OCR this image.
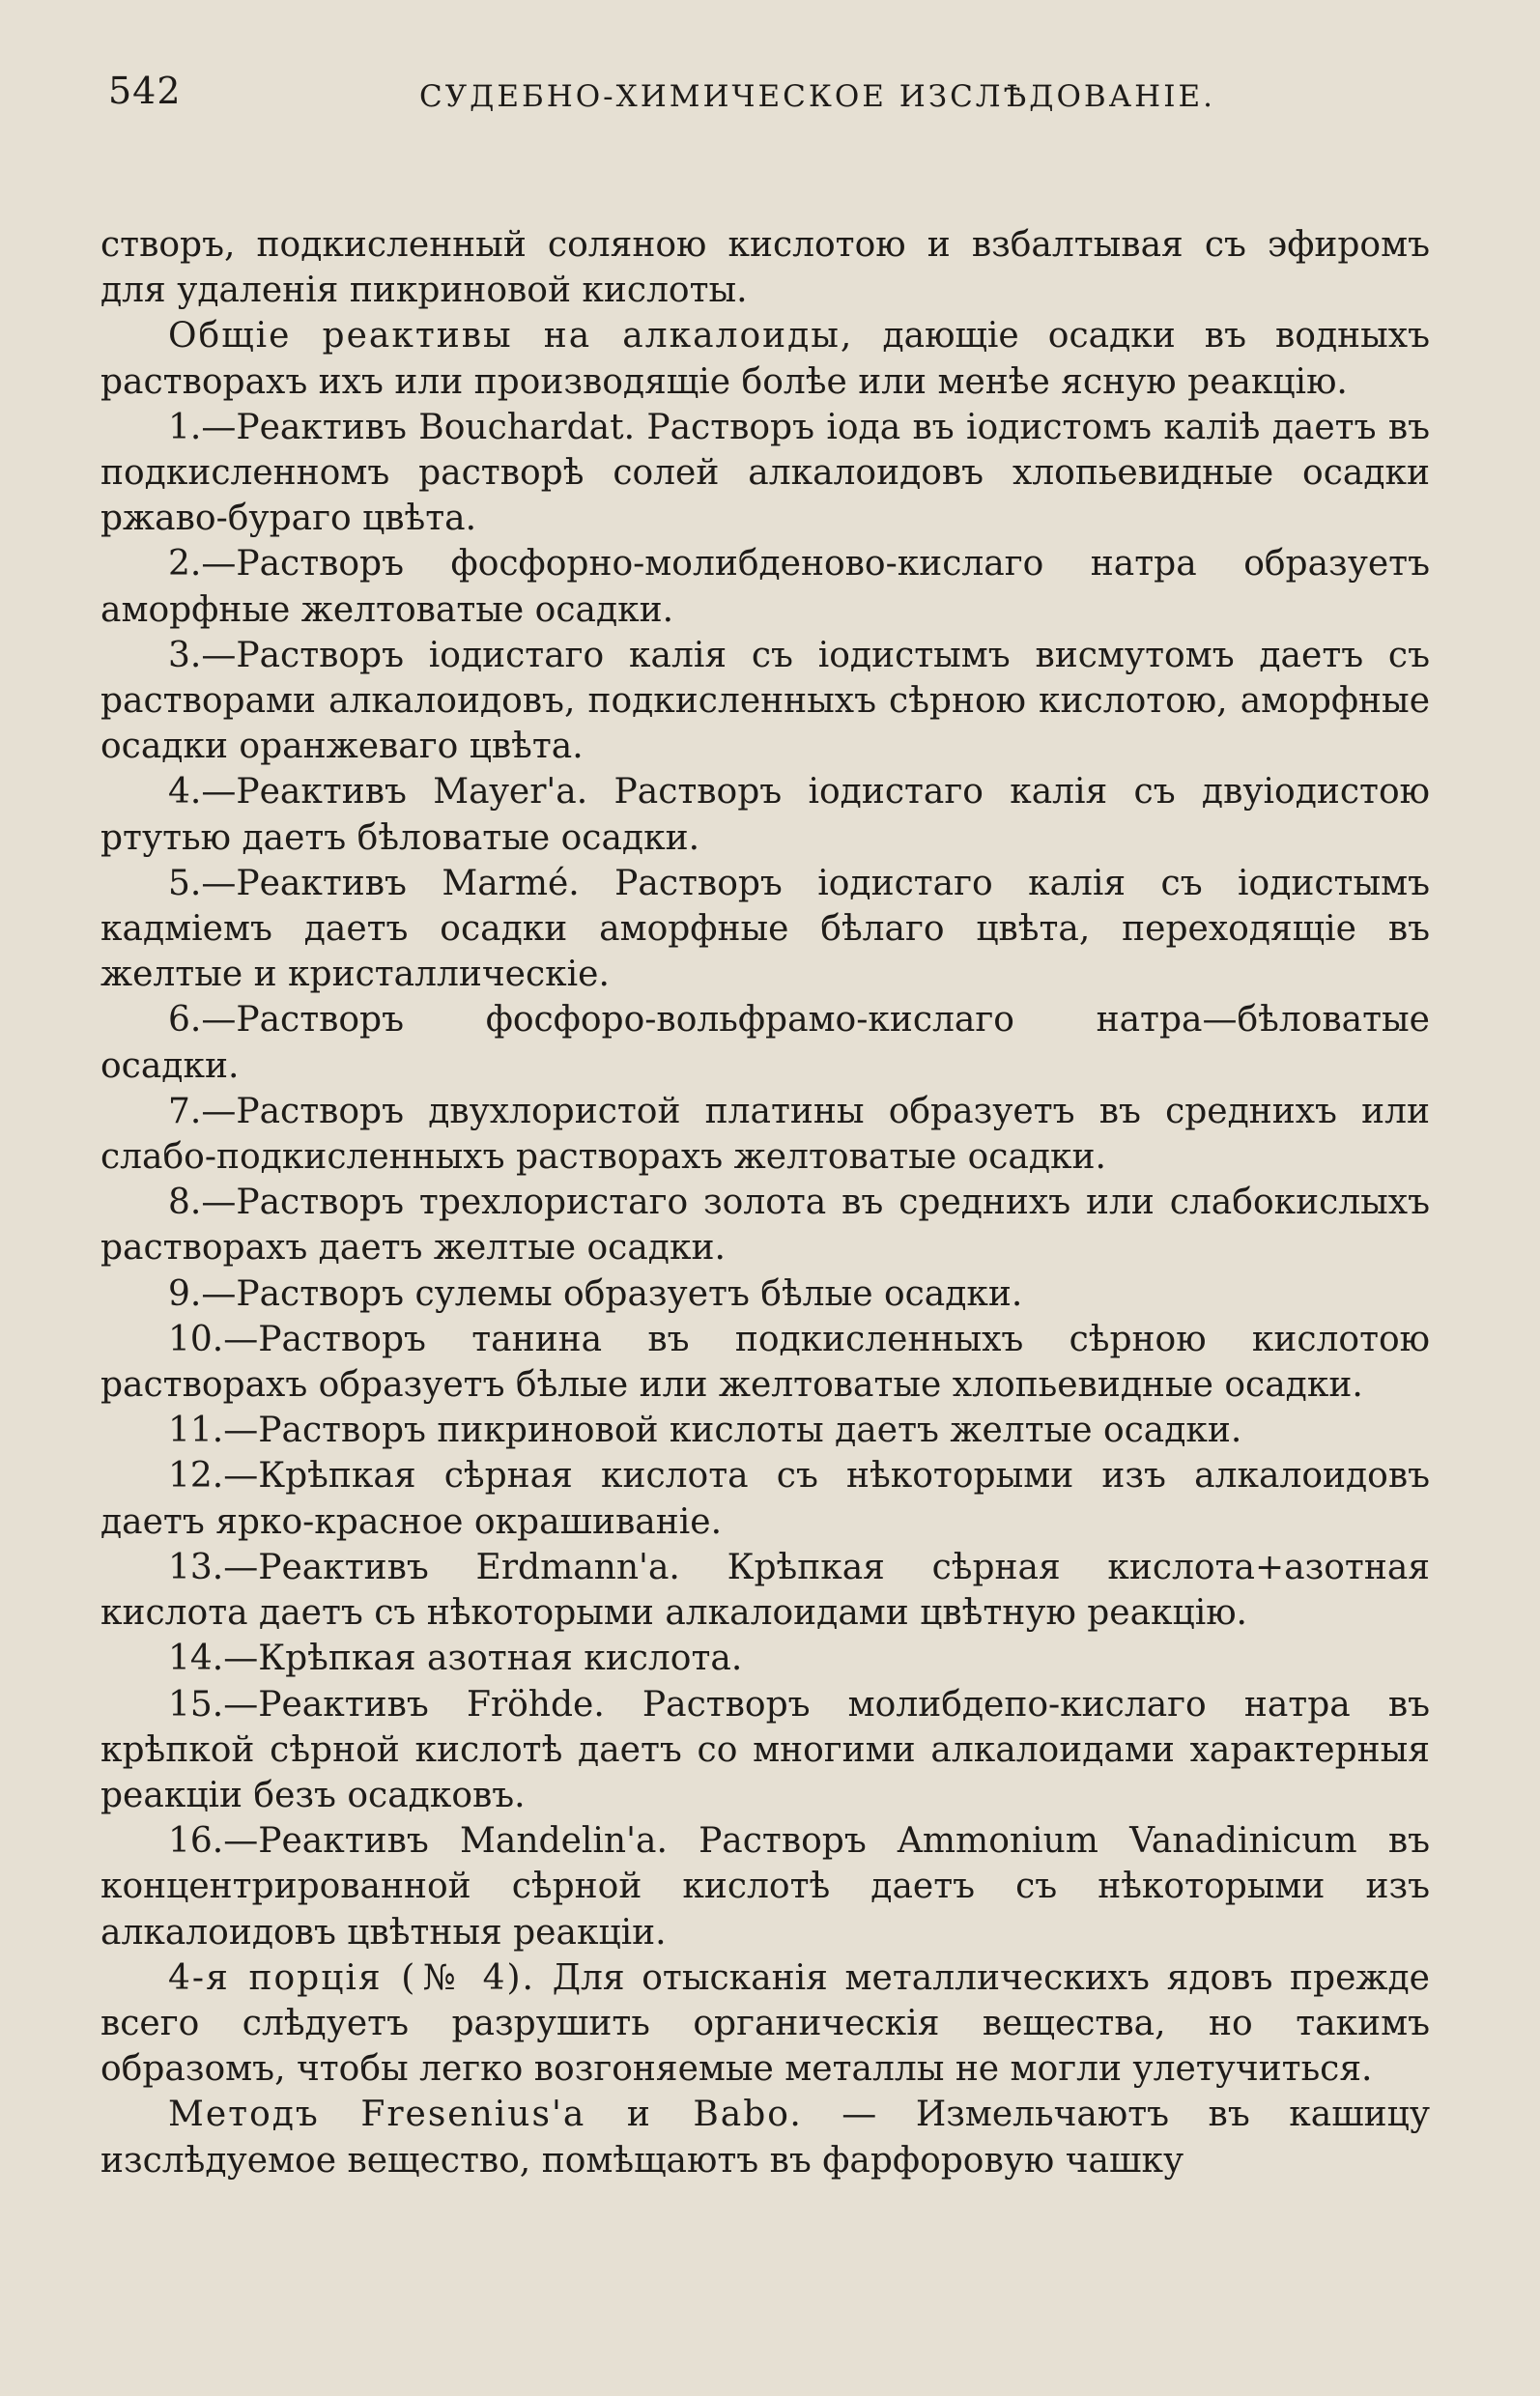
542	СУДЕБНО-ХИМИЧЕСКОЕ ИЗСЛѢДОВАНІЕ.

створъ, подкисленный соляною кислотою и взбалтывая съ эфиромъ для удаленія пикриновой кислоты.

Общіе реактивы на алкалоиды, дающіе осадки въ водныхъ растворахъ ихъ или производящіе болѣе или менѣе ясную реакцію.

1.—Реактивъ Bouchardat. Растворъ іода въ іодистомъ каліѣ даетъ въ подкисленномъ растворѣ солей алкалоидовъ хлопьевидные осадки ржаво-бураго цвѣта.

2.—Растворъ фосфорно-молибденово-кислаго натра образуетъ аморфные желтоватые осадки.

3.—Растворъ іодистаго калія съ іодистымъ висмутомъ даетъ съ растворами алкалоидовъ, подкисленныхъ сѣрною кислотою, аморфные осадки оранжеваго цвѣта.

4.—Реактивъ Mayer'a. Растворъ іодистаго калія съ двуіодистою ртутью даетъ бѣловатые осадки.

5.—Реактивъ Marmé. Растворъ іодистаго калія съ іодистымъ кадміемъ даетъ осадки аморфные бѣлаго цвѣта, переходящіе въ желтые и кристаллическіе.

6.—Растворъ фосфоро-вольфрамо-кислаго натра—бѣловатые осадки.

7.—Растворъ двухлористой платины образуетъ въ среднихъ или слабо-подкисленныхъ растворахъ желтоватые осадки.

8.—Растворъ трехлористаго золота въ среднихъ или слабокислыхъ растворахъ даетъ желтые осадки.

9.—Растворъ сулемы образуетъ бѣлые осадки.

10.—Растворъ танина въ подкисленныхъ сѣрною кислотою растворахъ образуетъ бѣлые или желтоватые хлопьевидные осадки.

11.—Растворъ пикриновой кислоты даетъ желтые осадки.

12.—Крѣпкая сѣрная кислота съ нѣкоторыми изъ алкалоидовъ даетъ ярко-красное окрашиваніе.

13.—Реактивъ Erdmann'a. Крѣпкая сѣрная кислота+азотная кислота даетъ съ нѣкоторыми алкалоидами цвѣтную реакцію.

14.—Крѣпкая азотная кислота.

15.—Реактивъ Fröhde. Растворъ молибдепо-кислаго натра въ крѣпкой сѣрной кислотѣ даетъ со многими алкалоидами характерныя реакціи безъ осадковъ.

16.—Реактивъ Mandelin'a. Растворъ Ammonium Vanadinicum въ концентрированной сѣрной кислотѣ даетъ съ нѣкоторыми изъ алкалоидовъ цвѣтныя реакціи.

4-я порція (№ 4). Для отысканія металлическихъ ядовъ прежде всего слѣдуетъ разрушить органическія вещества, но такимъ образомъ, чтобы легко возгоняемые металлы не могли улетучиться.

Методъ Fresenius'a и Babo. — Измельчаютъ въ кашицу изслѣдуемое вещество, помѣщаютъ въ фарфоровую чашку
